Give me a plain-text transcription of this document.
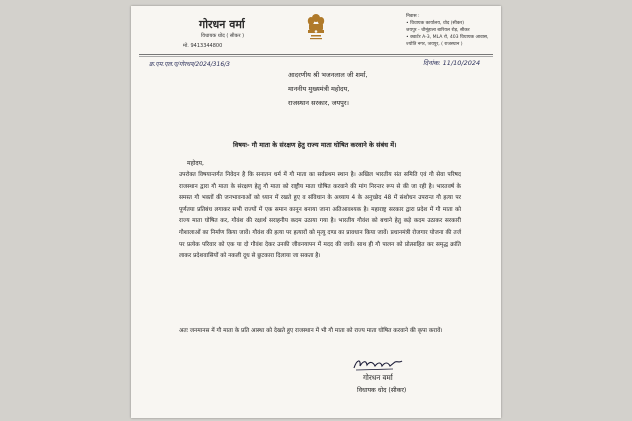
गोरधन वर्मा
विधायक धोद ( सीकर )
मो. 9413344800
निवास :
• विधायक कार्यालय, धोद (सीकर)
जयपुर - चौमूंहाला बारियल रोड़, सीकर
• क्वार्टर A-3, MLA रो, 403 विधायक आवास,
ज्योति नगर, जयपुर, ( राजस्थान )
क्र.एम.एल.ए/गोरधन/2024/316/3	दिनांक: 11/10/2024
आदरणीय श्री भजनलाल जी शर्मा,
माननीय मुख्यमंत्री महोदय,
राजस्थान सरकार, जयपुर।
विषयः- गौ माता के संरक्षण हेतु राज्य माता घोषित करवाने के संबंध में।
महोदय,
उपरोक्त विषयान्तर्गत निवेदन है कि सनातन धर्म में गौ माता का सर्वप्रथम स्थान है। अखिल भारतीय संत समिति एवं गौ सेवा परिषद राजस्थान द्वारा गौ माता के संरक्षण हेतु गौ माता को राष्ट्रीय माता घोषित करवाने की मांग निरन्तर रूप से की जा रही है। भारतवर्ष के समस्त गौ भक्तों की जनभावनाओं को ध्यान में रखते हुए व संविधान के अध्याय 4 के अनुच्छेद 48 में संशोधन उपरान्त गौ हत्या पर पूर्णतया प्रतिबंध लगाकर सभी राज्यों में एक समान कानून बनाया जाना अतिआवश्यक है। महाराष्ट्र सरकार द्वारा प्रदेश में गौ माता को राज्य माता घोषित कर, गौवंश की रक्षार्थ सराहनीय कदम उठाया गया है। भारतीय गौवंश को बचाने हेतु कड़े कदम उठाकर सरकारी गौशालाओं का निर्माण किया जावें। गौवंश की हत्या पर हत्यारों को मृत्यु दण्ड का प्रावधान किया जावें। प्रधानमंत्री रोजगार योजना की तर्ज पर प्रत्येक परिवार को एक या दो गौवंश देकर उनकी जीवनयापन में मदद की जावें। साथ ही गौ पालन को प्रोत्साहित कर समृद्ध क्रांति लाकर प्रदेशवासियों को नकली दूध से छुटकारा दिलाया जा सकता है।
अतः जनमानस में गौ माता के प्रति आस्था को देखते हुए राजस्थान में भी गौ माता को राज्य माता घोषित करवाने की कृपा करावें।
गोरधन वर्मा
विधायक धोद (सीकर)
